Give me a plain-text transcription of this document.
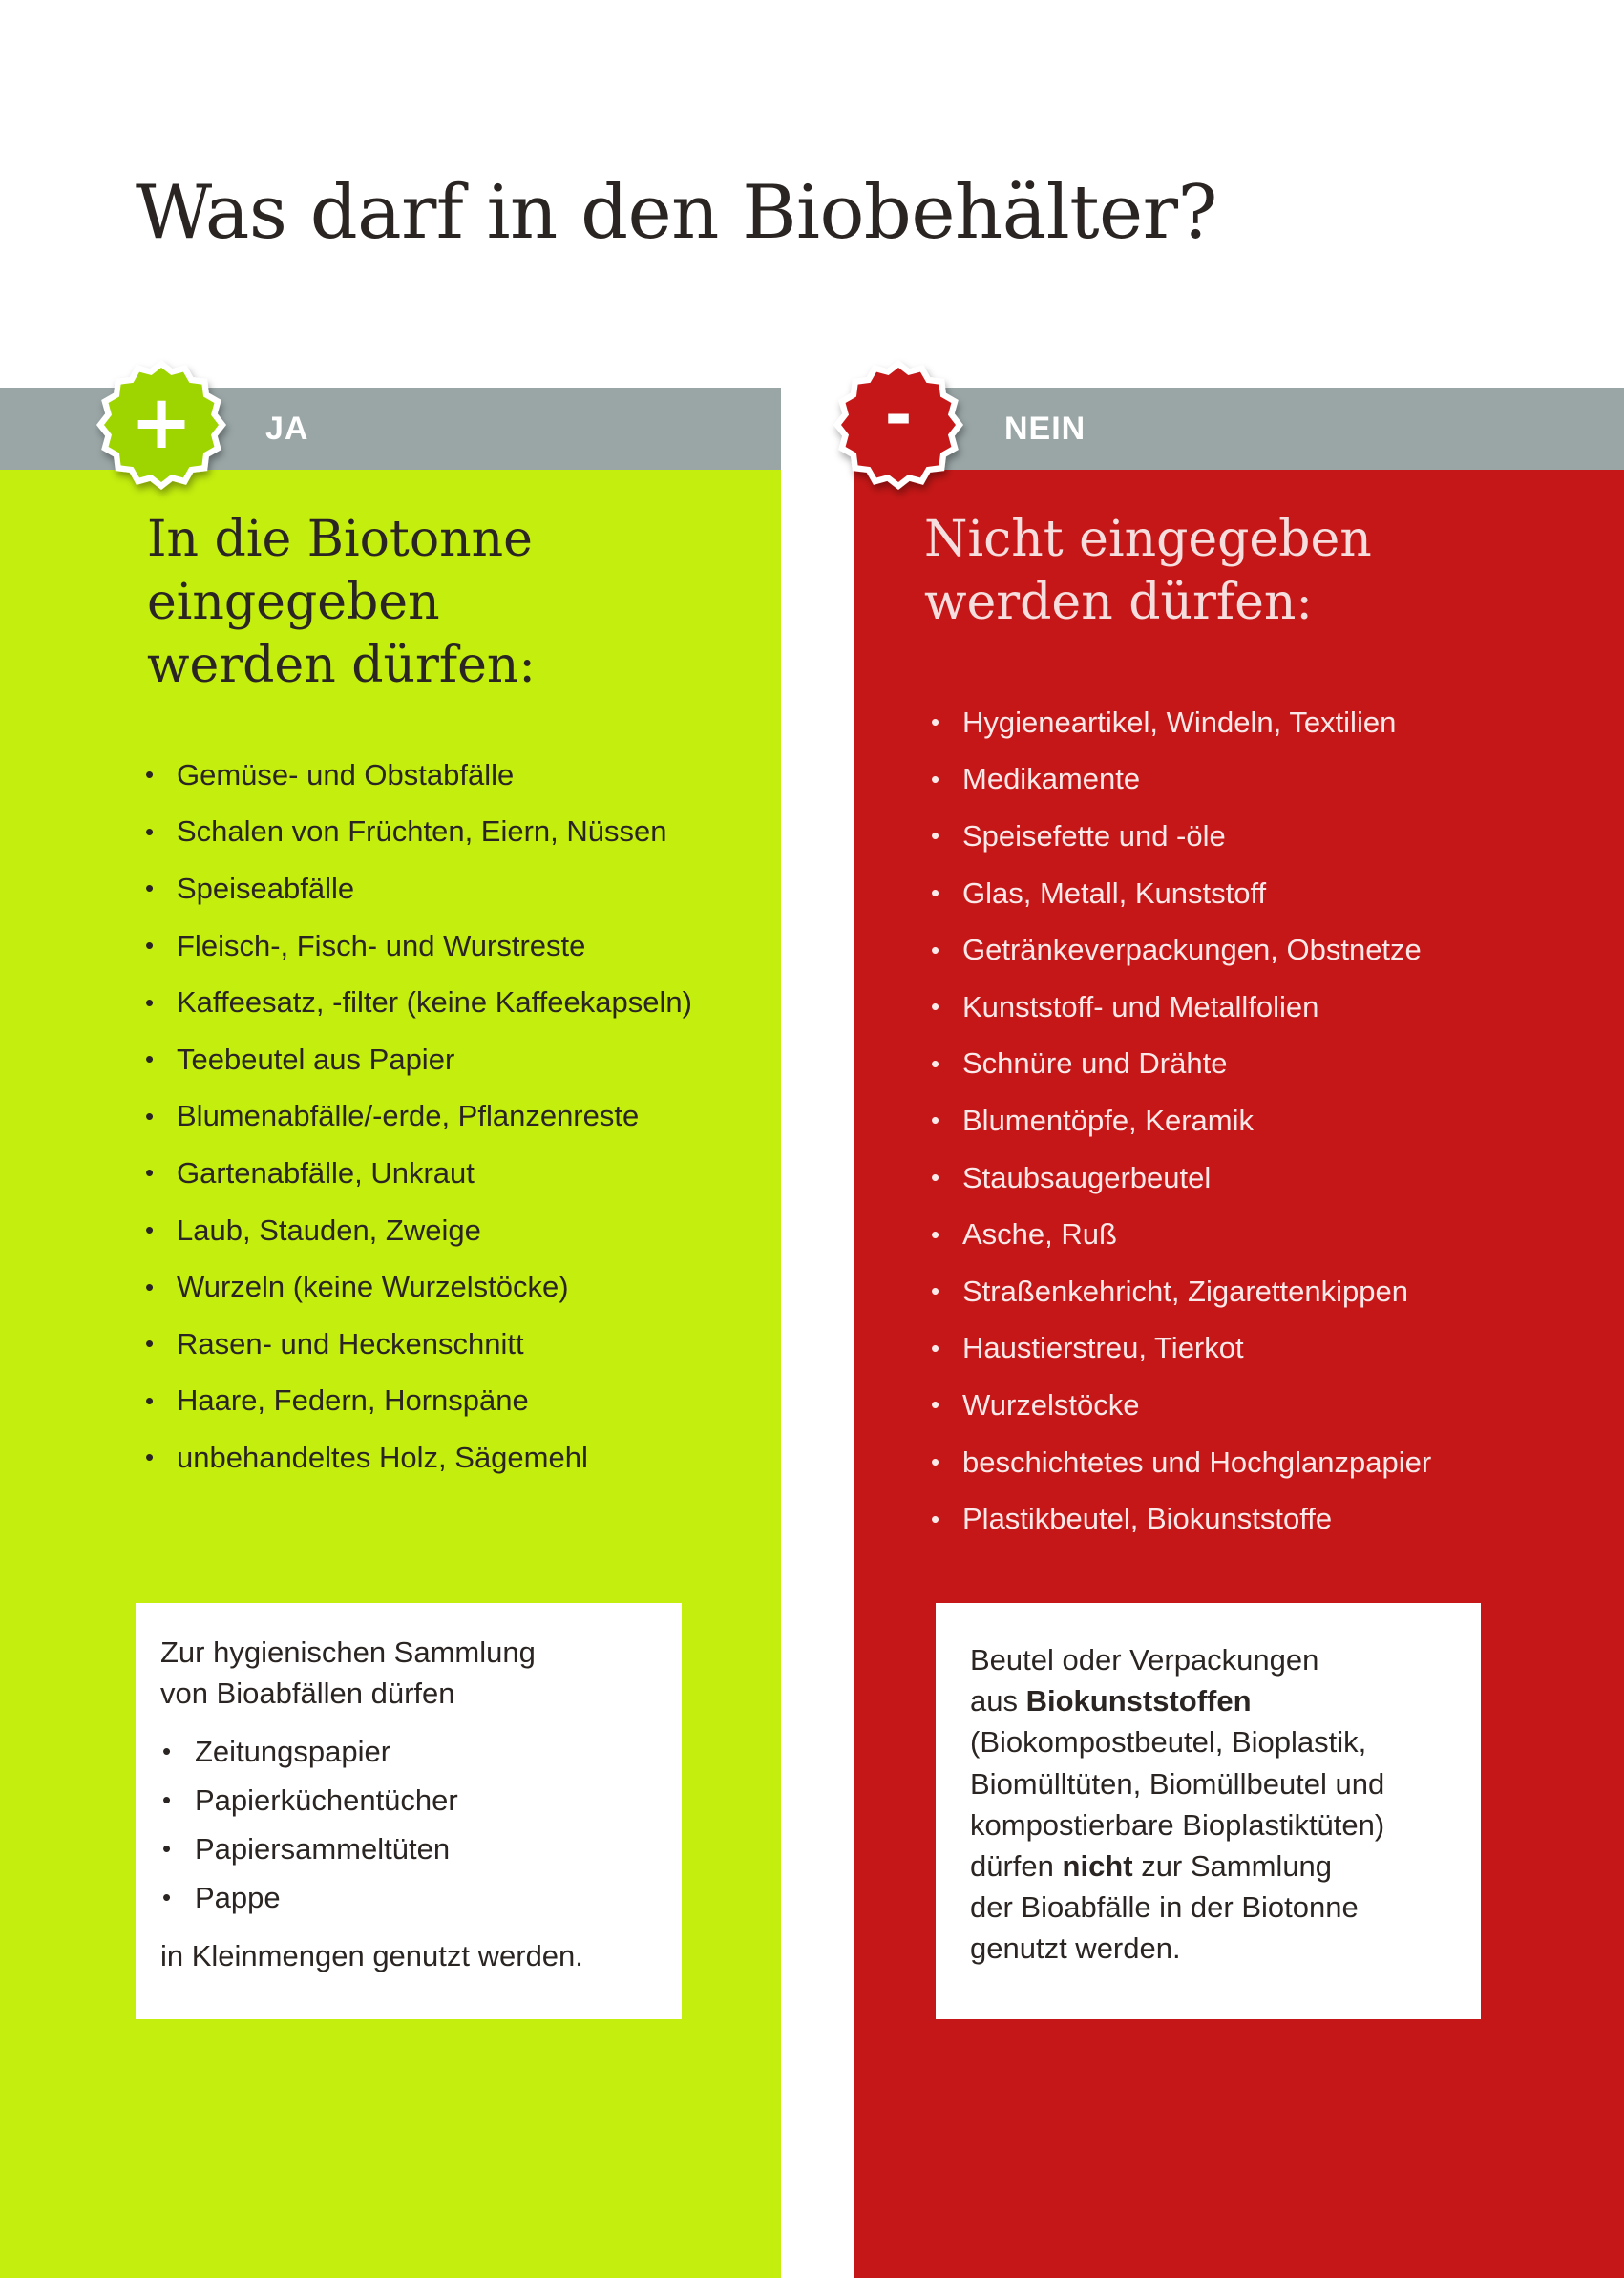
Was darf in den Biobehälter?
JA	NEIN
In die Biotonne
eingegeben
werden dürfen:
• Gemüse- und Obstabfälle
• Schalen von Früchten, Eiern, Nüssen
• Speiseabfälle
• Fleisch-, Fisch- und Wurstreste
• Kaffeesatz, -filter (keine Kaffeekapseln)
• Teebeutel aus Papier
• Blumenabfälle/-erde, Pflanzenreste
• Gartenabfälle, Unkraut
• Laub, Stauden, Zweige
• Wurzeln (keine Wurzelstöcke)
• Rasen- und Heckenschnitt
• Haare, Federn, Hornspäne
• unbehandeltes Holz, Sägemehl
Zur hygienischen Sammlung
von Bioabfällen dürfen
• Zeitungspapier
• Papierküchentücher
• Papiersammeltüten
• Pappe
in Kleinmengen genutzt werden.
Nicht eingegeben
werden dürfen:
• Hygieneartikel, Windeln, Textilien
• Medikamente
• Speisefette und -öle
• Glas, Metall, Kunststoff
• Getränkeverpackungen, Obstnetze
• Kunststoff- und Metallfolien
• Schnüre und Drähte
• Blumentöpfe, Keramik
• Staubsaugerbeutel
• Asche, Ruß
• Straßenkehricht, Zigarettenkippen
• Haustierstreu, Tierkot
• Wurzelstöcke
• beschichtetes und Hochglanzpapier
• Plastikbeutel, Biokunststoffe
Beutel oder Verpackungen
aus Biokunststoffen
(Biokompostbeutel, Bioplastik,
Biomülltüten, Biomüllbeutel und
kompostierbare Bioplastiktüten)
dürfen nicht zur Sammlung
der Bioabfälle in der Biotonne
genutzt werden.
+	-
